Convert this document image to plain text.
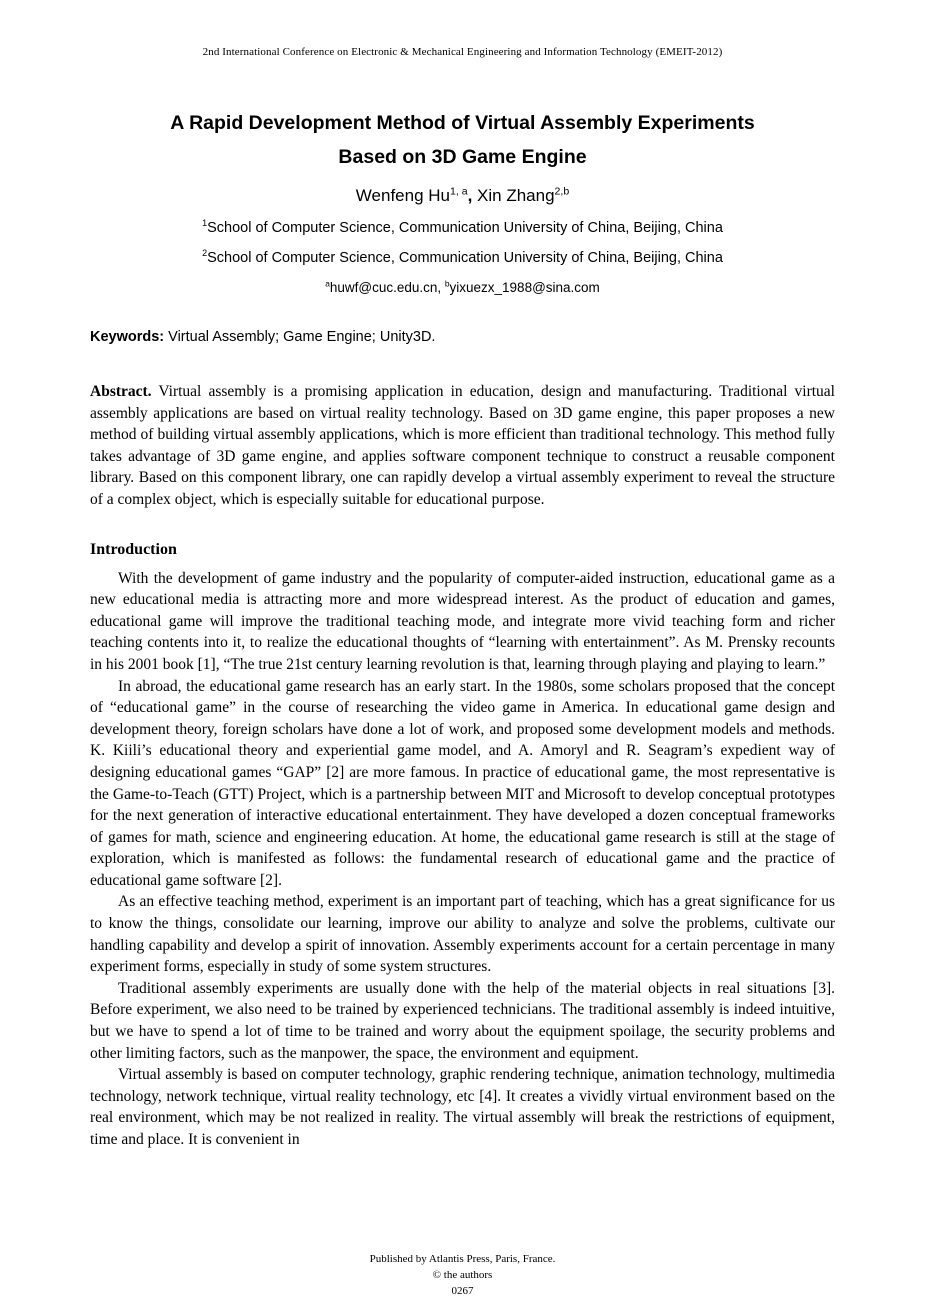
2nd International Conference on Electronic & Mechanical Engineering and Information Technology (EMEIT-2012)
A Rapid Development Method of Virtual Assembly Experiments
Based on 3D Game Engine
Wenfeng Hu$^{1, a}$, Xin Zhang$^{2,b}$
$^1$School of Computer Science, Communication University of China, Beijing, China
$^2$School of Computer Science, Communication University of China, Beijing, China
$^a$huwf@cuc.edu.cn, $^b$yixuezx_1988@sina.com

Keywords: Virtual Assembly; Game Engine; Unity3D.

Abstract. Virtual assembly is a promising application in education, design and manufacturing. Traditional virtual assembly applications are based on virtual reality technology. Based on 3D game engine, this paper proposes a new method of building virtual assembly applications, which is more efficient than traditional technology. This method fully takes advantage of 3D game engine, and applies software component technique to construct a reusable component library. Based on this component library, one can rapidly develop a virtual assembly experiment to reveal the structure of a complex object, which is especially suitable for educational purpose.

Introduction

With the development of game industry and the popularity of computer-aided instruction, educational game as a new educational media is attracting more and more widespread interest. As the product of education and games, educational game will improve the traditional teaching mode, and integrate more vivid teaching form and richer teaching contents into it, to realize the educational thoughts of “learning with entertainment”. As M. Prensky recounts in his 2001 book [1], “The true 21st century learning revolution is that, learning through playing and playing to learn.”

In abroad, the educational game research has an early start. In the 1980s, some scholars proposed that the concept of “educational game” in the course of researching the video game in America. In educational game design and development theory, foreign scholars have done a lot of work, and proposed some development models and methods. K. Kiili’s educational theory and experiential game model, and A. Amoryl and R. Seagram’s expedient way of designing educational games “GAP” [2] are more famous. In practice of educational game, the most representative is the Game-to-Teach (GTT) Project, which is a partnership between MIT and Microsoft to develop conceptual prototypes for the next generation of interactive educational entertainment. They have developed a dozen conceptual frameworks of games for math, science and engineering education. At home, the educational game research is still at the stage of exploration, which is manifested as follows: the fundamental research of educational game and the practice of educational game software [2].

As an effective teaching method, experiment is an important part of teaching, which has a great significance for us to know the things, consolidate our learning, improve our ability to analyze and solve the problems, cultivate our handling capability and develop a spirit of innovation. Assembly experiments account for a certain percentage in many experiment forms, especially in study of some system structures.

Traditional assembly experiments are usually done with the help of the material objects in real situations [3]. Before experiment, we also need to be trained by experienced technicians. The traditional assembly is indeed intuitive, but we have to spend a lot of time to be trained and worry about the equipment spoilage, the security problems and other limiting factors, such as the manpower, the space, the environment and equipment.

Virtual assembly is based on computer technology, graphic rendering technique, animation technology, multimedia technology, network technique, virtual reality technology, etc [4]. It creates a vividly virtual environment based on the real environment, which may be not realized in reality. The virtual assembly will break the restrictions of equipment, time and place. It is convenient in

Published by Atlantis Press, Paris, France.
© the authors
0267
